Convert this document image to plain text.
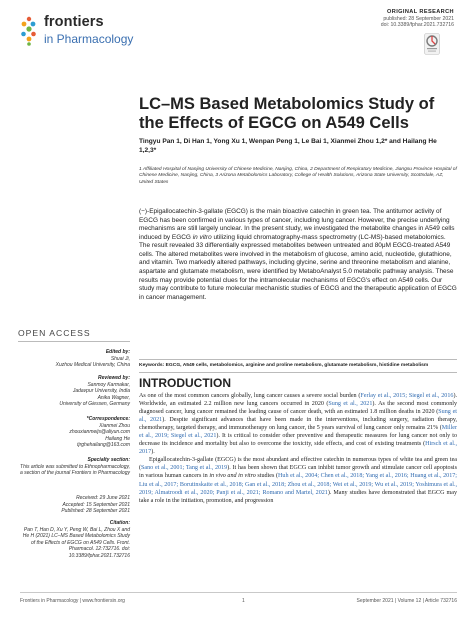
frontiers
in Pharmacology
ORIGINAL RESEARCH
published: 28 September 2021
doi: 10.3389/fphar.2021.732716
LC–MS Based Metabolomics Study of the Effects of EGCG on A549 Cells
Tingyu Pan 1, Di Han 1, Yong Xu 1, Wenpan Peng 1, Le Bai 1, Xianmei Zhou 1,2* and Hailang He 1,2,3*
1 Affiliated Hospital of Nanjing University of Chinese Medicine, Nanjing, China, 2 Department of Respiratory Medicine, Jiangsu Province Hospital of Chinese Medicine, Nanjing, China, 3 Arizona Metabolomics Laboratory, College of Health Solutions, Arizona State University, Scottsdale, AZ, United States
(−)-Epigallocatechin-3-gallate (EGCG) is the main bioactive catechin in green tea. The antitumor activity of EGCG has been confirmed in various types of cancer, including lung cancer. However, the precise underlying mechanisms are still largely unclear. In the present study, we investigated the metabolite changes in A549 cells induced by EGCG in vitro utilizing liquid chromatography-mass spectrometry (LC-MS)-based metabolomics. The result revealed 33 differentially expressed metabolites between untreated and 80μM EGCG-treated A549 cells. The altered metabolites were involved in the metabolism of glucose, amino acid, nucleotide, glutathione, and vitamin. Two markedly altered pathways, including glycine, serine and threonine metabolism and alanine, aspartate and glutamate metabolism, were identified by MetaboAnalyst 5.0 metabolic pathway analysis. These results may provide potential clues for the intramolecular mechanisms of EGCG's effect on A549 cells. Our study may contribute to future molecular mechanistic studies of EGCG and the therapeutic application of EGCG in cancer management.
Keywords: EGCG, A549 cells, metabolomics, arginine and proline metabolism, glutamate metabolism, histidine metabolism
INTRODUCTION

As one of the most common cancers globally, lung cancer causes a severe social burden (Ferlay et al., 2015; Siegel et al., 2016). Worldwide, an estimated 2.2 million new lung cancers occurred in 2020 (Sung et al., 2021). As the second most commonly diagnosed cancer, lung cancer remained the leading cause of cancer death, with an estimated 1.8 million deaths in 2020 (Sung et al., 2021). Despite significant advances that have been made in the interventions, including surgery, radiation therapy, chemotherapy, targeted therapy, and immunotherapy on lung cancer, the 5 years survival of lung cancer only remains 21% (Miller et al., 2019; Siegel et al., 2021). It is critical to consider other preventive and therapeutic measures for lung cancer not only to decrease its incidence and mortality but also to overcome the toxicity, side effects, and cost of existing treatments (Hirsch et al., 2017).

Epigallocatechin-3-gallate (EGCG) is the most abundant and effective catechin in numerous types of white tea and green tea (Sano et al., 2001; Tang et al., 2019). It has been shown that EGCG can inhibit tumor growth and stimulate cancer cell apoptosis in various human cancers in in vivo and in vitro studies (Huh et al., 2004; Chen et al., 2018; Yang et al., 2016; Huang et al., 2017; Liu et al., 2017; Borutinskaite et al., 2018; Gan et al., 2018; Zhou et al., 2018; Wei et al., 2019; Wu et al., 2019; Yoshimura et al., 2019; Almatroodi et al., 2020; Panji et al., 2021; Romano and Martel, 2021). Many studies have demonstrated that EGCG may take a role in the initiation, promotion, and progression

OPEN ACCESS
Edited by:
Shuai Ji,
Xuzhou Medical University, China
Reviewed by:
Sanmoy Karmakar,
Jadavpur University, India
Anika Wagner,
University of Giessen, Germany
*Correspondence:
Xianmei Zhou
zhouxianmeijs@aliyun.com
Hailang He
tjrghehailang@163.com
Specialty section:
This article was submitted to Ethnopharmacology, a section of the journal Frontiers in Pharmacology
Received: 29 June 2021
Accepted: 15 September 2021
Published: 28 September 2021
Citation:
Pan T, Han D, Xu Y, Peng W, Bai L, Zhou X and He H (2021) LC–MS Based Metabolomics Study of the Effects of EGCG on A549 Cells. Front. Pharmacol. 12:732716. doi: 10.3389/fphar.2021.732716
Frontiers in Pharmacology | www.frontiersin.org	1	September 2021 | Volume 12 | Article 732716
